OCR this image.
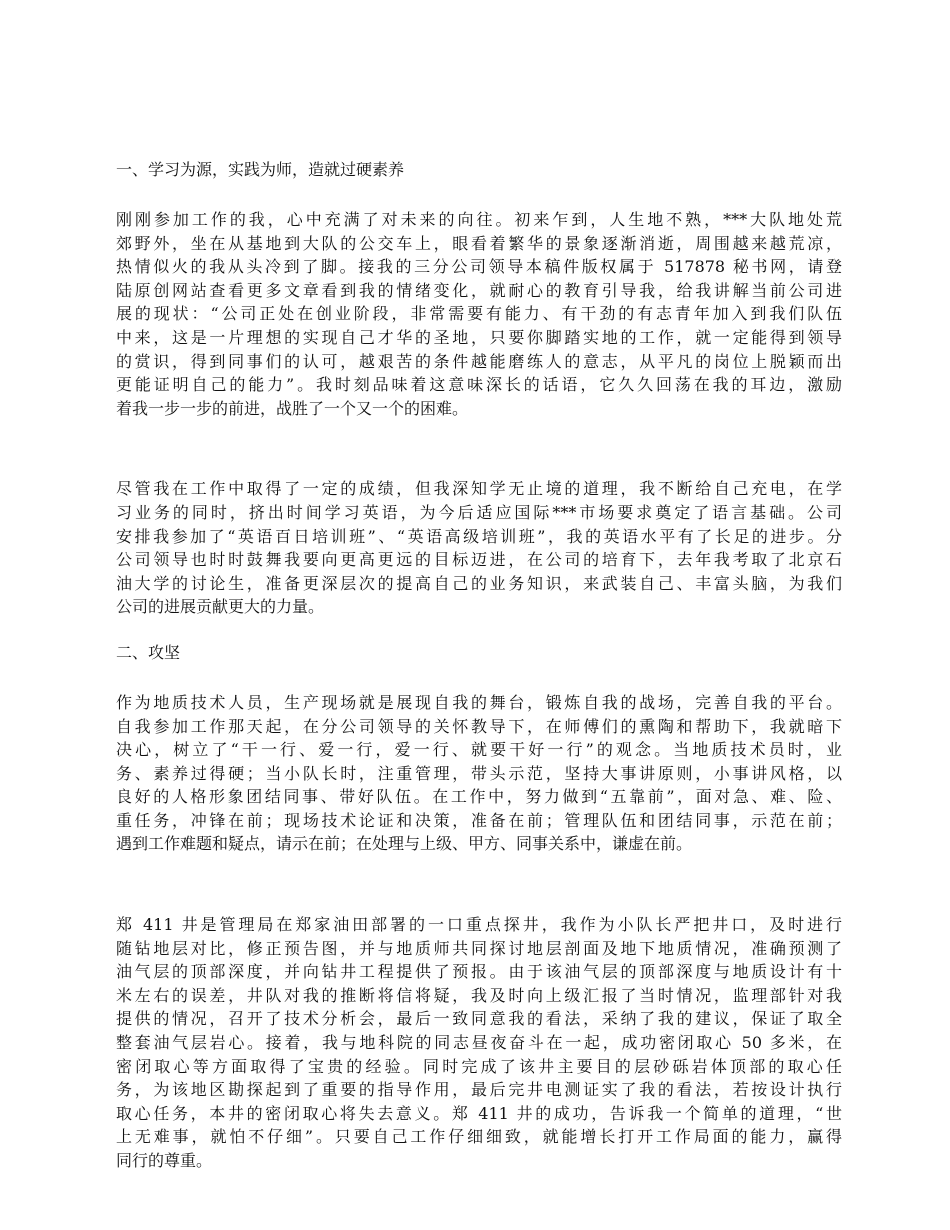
一、学习为源，实践为师，造就过硬素养
刚刚参加工作的我，心中充满了对未来的向往。初来乍到，人生地不熟，***大队地处荒
郊野外，坐在从基地到大队的公交车上，眼看着繁华的景象逐渐消逝，周围越来越荒凉，
热情似火的我从头冷到了脚。接我的三分公司领导本稿件版权属于 517878 秘书网，请登
陆原创网站查看更多文章看到我的情绪变化，就耐心的教育引导我，给我讲解当前公司进
展的现状：“公司正处在创业阶段，非常需要有能力、有干劲的有志青年加入到我们队伍
中来，这是一片理想的实现自己才华的圣地，只要你脚踏实地的工作，就一定能得到领导
的赏识，得到同事们的认可，越艰苦的条件越能磨练人的意志，从平凡的岗位上脱颖而出
更能证明自己的能力”。我时刻品味着这意味深长的话语，它久久回荡在我的耳边，激励
着我一步一步的前进，战胜了一个又一个的困难。
尽管我在工作中取得了一定的成绩，但我深知学无止境的道理，我不断给自己充电，在学
习业务的同时，挤出时间学习英语，为今后适应国际***市场要求奠定了语言基础。公司
安排我参加了“英语百日培训班”、“英语高级培训班”，我的英语水平有了长足的进步。分
公司领导也时时鼓舞我要向更高更远的目标迈进，在公司的培育下，去年我考取了北京石
油大学的讨论生，准备更深层次的提高自己的业务知识，来武装自己、丰富头脑，为我们
公司的进展贡献更大的力量。
二、攻坚
作为地质技术人员，生产现场就是展现自我的舞台，锻炼自我的战场，完善自我的平台。
自我参加工作那天起，在分公司领导的关怀教导下，在师傅们的熏陶和帮助下，我就暗下
决心，树立了“干一行、爱一行，爱一行、就要干好一行”的观念。当地质技术员时，业
务、素养过得硬；当小队长时，注重管理，带头示范，坚持大事讲原则，小事讲风格，以
良好的人格形象团结同事、带好队伍。在工作中，努力做到“五靠前”，面对急、难、险、
重任务，冲锋在前；现场技术论证和决策，准备在前；管理队伍和团结同事，示范在前；
遇到工作难题和疑点，请示在前；在处理与上级、甲方、同事关系中，谦虚在前。
郑 411 井是管理局在郑家油田部署的一口重点探井，我作为小队长严把井口，及时进行
随钻地层对比，修正预告图，并与地质师共同探讨地层剖面及地下地质情况，准确预测了
油气层的顶部深度，并向钻井工程提供了预报。由于该油气层的顶部深度与地质设计有十
米左右的误差，井队对我的推断将信将疑，我及时向上级汇报了当时情况，监理部针对我
提供的情况，召开了技术分析会，最后一致同意我的看法，采纳了我的建议，保证了取全
整套油气层岩心。接着，我与地科院的同志昼夜奋斗在一起，成功密闭取心 50 多米，在
密闭取心等方面取得了宝贵的经验。同时完成了该井主要目的层砂砾岩体顶部的取心任
务，为该地区勘探起到了重要的指导作用，最后完井电测证实了我的看法，若按设计执行
取心任务，本井的密闭取心将失去意义。郑 411 井的成功，告诉我一个简单的道理，“世
上无难事，就怕不仔细”。只要自己工作仔细细致，就能增长打开工作局面的能力，赢得
同行的尊重。
